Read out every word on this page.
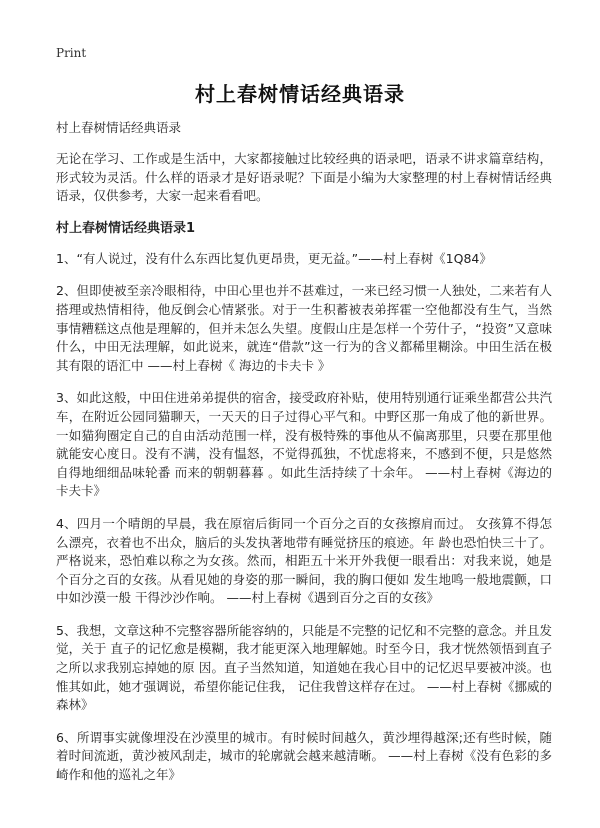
Print
村上春树情话经典语录
村上春树情话经典语录

无论在学习、工作或是生活中，大家都接触过比较经典的语录吧，语录不讲求篇章结构，形式较为灵活。什么样的语录才是好语录呢？下面是小编为大家整理的村上春树情话经典语录，仅供参考，大家一起来看看吧。

村上春树情话经典语录1

1、“有人说过，没有什么东西比复仇更昂贵，更无益。”——村上春树《1Q84》

2、但即使被至亲冷眼相待，中田心里也并不甚难过，一来已经习惯一人独处，二来若有人搭理或热情相待，他反倒会心情紧张。对于一生积蓄被表弟挥霍一空他都没有生气，当然事情糟糕这点他是理解的，但并未怎么失望。度假山庄是怎样一个劳什子，“投资”又意味什么，中田无法理解，如此说来，就连“借款”这一行为的含义都稀里糊涂。中田生活在极其有限的语汇中 ——村上春树《 海边的卡夫卡 》

3、如此这般，中田住进弟弟提供的宿舍，接受政府补贴，使用特别通行证乘坐都营公共汽车，在附近公园同猫聊天，一天天的日子过得心平气和。中野区那一角成了他的新世界。一如猫狗圈定自己的自由活动范围一样，没有极特殊的事他从不偏离那里，只要在那里他就能安心度日。没有不满，没有愠怒，不觉得孤独，不忧虑将来，不感到不便，只是悠然自得地细细品味轮番 而来的朝朝暮暮 。如此生活持续了十余年。 ——村上春树《海边的卡夫卡》

4、四月一个晴朗的早晨，我在原宿后街同一个百分之百的女孩擦肩而过。 女孩算不得怎么漂亮，衣着也不出众，脑后的头发执著地带有睡觉挤压的痕迹。年 龄也恐怕快三十了。严格说来，恐怕难以称之为女孩。然而，相距五十米开外我便一眼看出：对我来说，她是个百分之百的女孩。从看见她的身姿的那一瞬间，我的胸口便如 发生地鸣一般地震颤，口中如沙漠一般 干得沙沙作响。 ——村上春树《遇到百分之百的女孩》

5、我想，文章这种不完整容器所能容纳的，只能是不完整的记忆和不完整的意念。并且发觉，关于 直子的记忆愈是模糊，我才能更深入地理解她。时至今日，我才恍然领悟到直子之所以求我别忘掉她的原 因。直子当然知道，知道她在我心目中的记忆迟早要被冲淡。也惟其如此，她才强调说，希望你能记住我， 记住我曾这样存在过。 ——村上春树《挪威的森林》

6、所谓事实就像埋没在沙漠里的城市。有时候时间越久，黄沙埋得越深;还有些时候，随着时间流逝，黄沙被风刮走，城市的轮廓就会越来越清晰。 ——村上春树《没有色彩的多崎作和他的巡礼之年》
